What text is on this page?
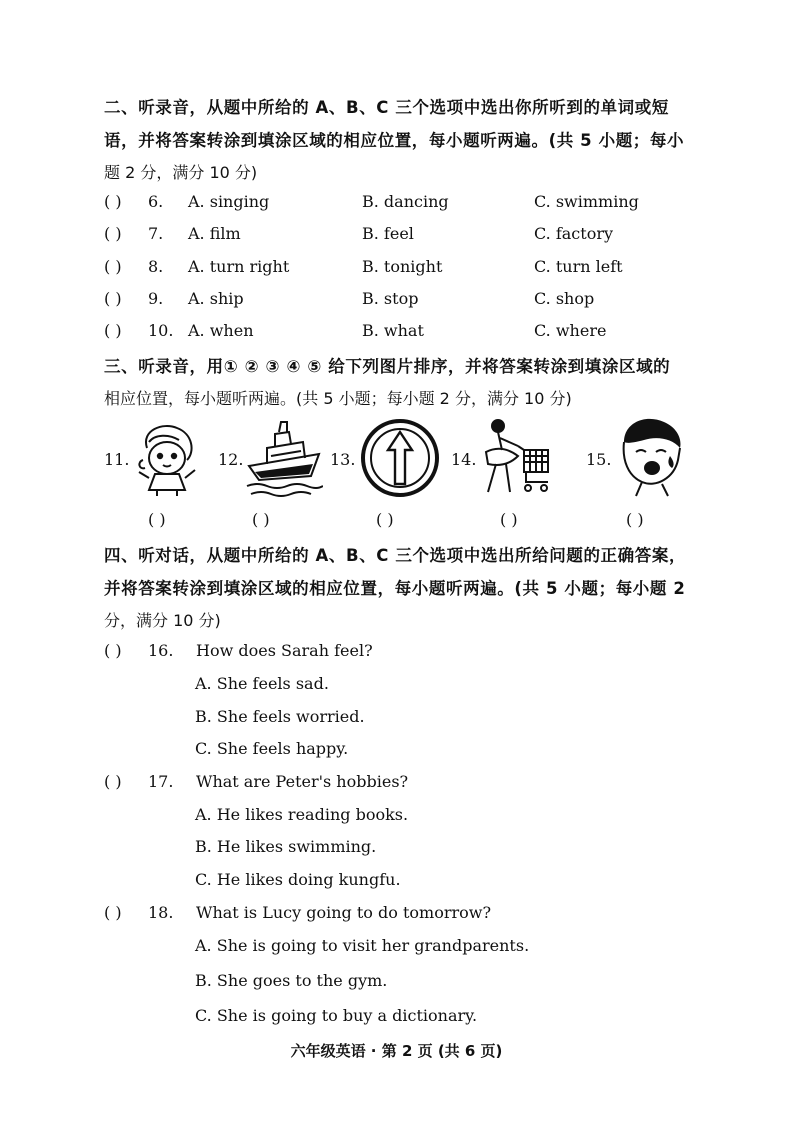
二、听录音，从题中所给的 A、B、C 三个选项中选出你所听到的单词或短
语，并将答案转涂到填涂区域的相应位置，每小题听两遍。(共 5 小题；每小
题 2 分，满分 10 分)
( ) 6. A. singing	B. dancing	C. swimming
( ) 7. A. film	B. feel	C. factory
( ) 8. A. turn right	B. tonight	C. turn left
( ) 9. A. ship	B. stop	C. shop
( ) 10. A. when	B. what	C. where
三、听录音，用① ② ③ ④ ⑤ 给下列图片排序，并将答案转涂到填涂区域的
相应位置，每小题听两遍。(共 5 小题；每小题 2 分，满分 10 分)
11.
( )
12.
( )
13.
( )
14.
( )
15.
( )
四、听对话，从题中所给的 A、B、C 三个选项中选出所给问题的正确答案，
并将答案转涂到填涂区域的相应位置，每小题听两遍。(共 5 小题；每小题 2
分，满分 10 分)
( ) 16. How does Sarah feel?
A. She feels sad.
B. She feels worried.
C. She feels happy.
( ) 17. What are Peter's hobbies?
A. He likes reading books.
B. He likes swimming.
C. He likes doing kungfu.
( ) 18. What is Lucy going to do tomorrow?
A. She is going to visit her grandparents.
B. She goes to the gym.
C. She is going to buy a dictionary.
六年级英语 · 第 2 页 (共 6 页)
